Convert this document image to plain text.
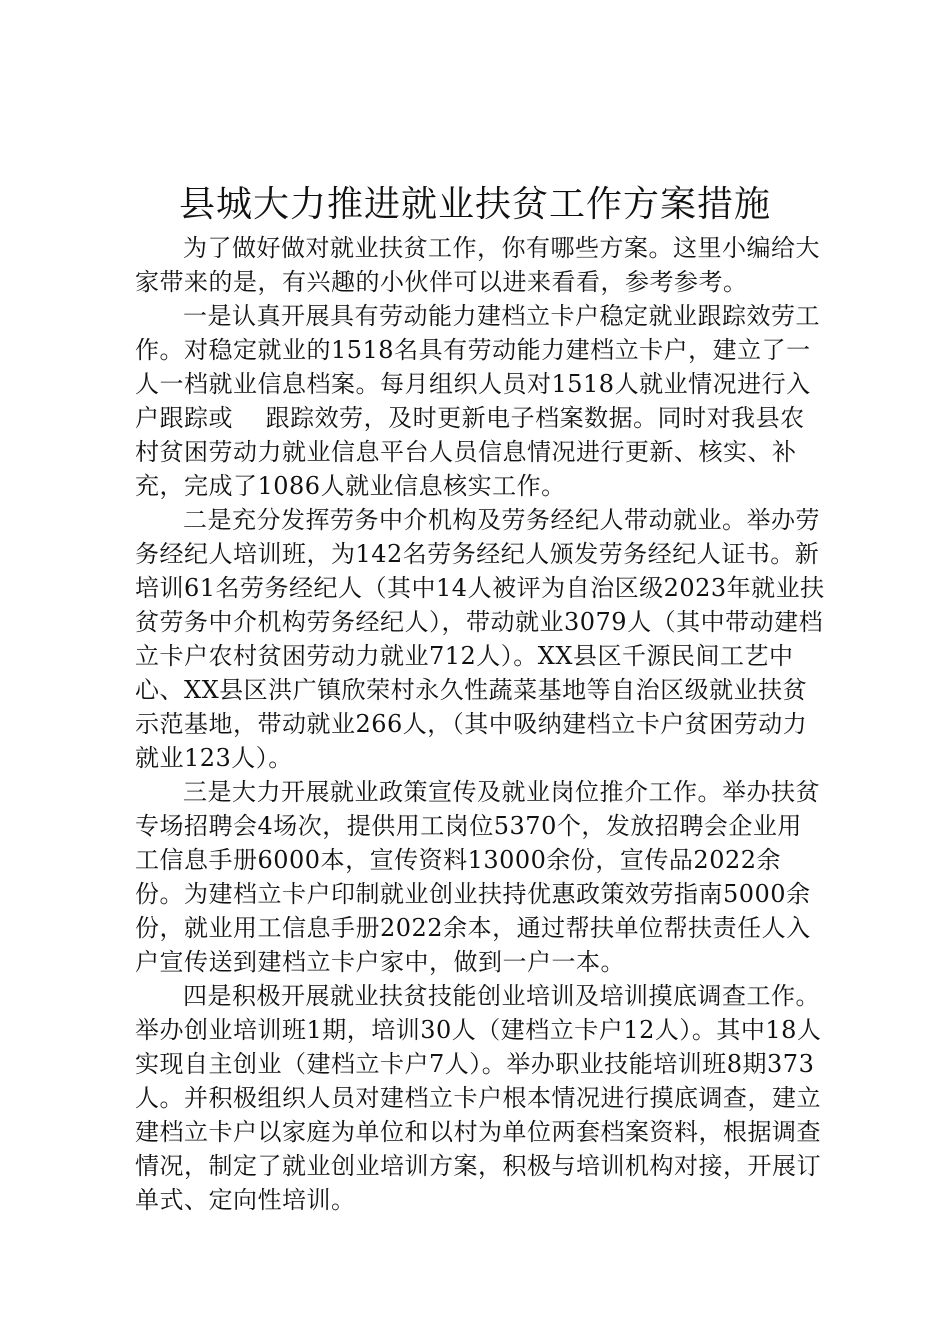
县城大力推进就业扶贫工作方案措施

为了做好做对就业扶贫工作，你有哪些方案。这里小编给大家带来的是，有兴趣的小伙伴可以进来看看，参考参考。

一是认真开展具有劳动能力建档立卡户稳定就业跟踪效劳工作。对稳定就业的1518名具有劳动能力建档立卡户，建立了一人一档就业信息档案。每月组织人员对1518人就业情况进行入户跟踪或　 跟踪效劳，及时更新电子档案数据。同时对我县农村贫困劳动力就业信息平台人员信息情况进行更新、核实、补充，完成了1086人就业信息核实工作。

二是充分发挥劳务中介机构及劳务经纪人带动就业。举办劳务经纪人培训班，为142名劳务经纪人颁发劳务经纪人证书。新培训61名劳务经纪人（其中14人被评为自治区级2023年就业扶贫劳务中介机构劳务经纪人），带动就业3079人（其中带动建档立卡户农村贫困劳动力就业712人）。XX县区千源民间工艺中心、XX县区洪广镇欣荣村永久性蔬菜基地等自治区级就业扶贫示范基地，带动就业266人，（其中吸纳建档立卡户贫困劳动力就业123人）。

三是大力开展就业政策宣传及就业岗位推介工作。举办扶贫专场招聘会4场次，提供用工岗位5370个，发放招聘会企业用工信息手册6000本，宣传资料13000余份，宣传品2022余份。为建档立卡户印制就业创业扶持优惠政策效劳指南5000余份，就业用工信息手册2022余本，通过帮扶单位帮扶责任人入户宣传送到建档立卡户家中，做到一户一本。

四是积极开展就业扶贫技能创业培训及培训摸底调查工作。举办创业培训班1期，培训30人（建档立卡户12人）。其中18人实现自主创业（建档立卡户7人）。举办职业技能培训班8期373人。并积极组织人员对建档立卡户根本情况进行摸底调查，建立建档立卡户以家庭为单位和以村为单位两套档案资料，根据调查情况，制定了就业创业培训方案，积极与培训机构对接，开展订单式、定向性培训。
